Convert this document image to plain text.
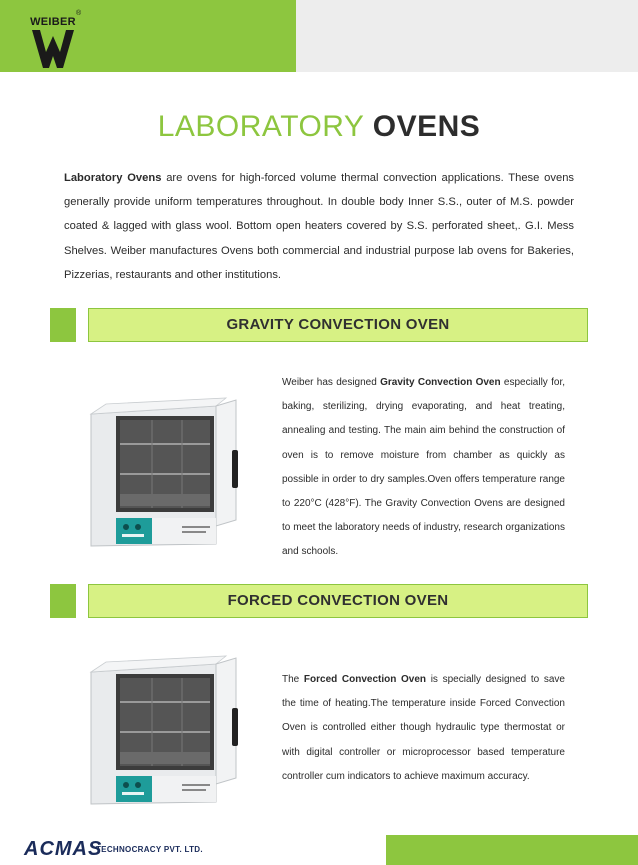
WEIBER
®
LABORATORY OVENS

Laboratory Ovens are ovens for high-forced volume thermal convection applications. These ovens generally provide uniform temperatures throughout. In double body Inner S.S., outer of M.S. powder coated & lagged with glass wool. Bottom open heaters covered by S.S. perforated sheet,. G.I. Mess Shelves. Weiber manufactures Ovens both commercial and industrial purpose lab ovens for Bakeries, Pizzerias, restaurants and other institutions.

GRAVITY CONVECTION OVEN

Weiber has designed Gravity Convection Oven especially for, baking, sterilizing, drying evaporating, and heat treating, annealing and testing. The main aim behind the construction of oven is to remove moisture from chamber as quickly as possible in order to dry samples.Oven offers temperature range to 220°C (428°F). The Gravity Convection Ovens are designed to meet the laboratory needs of industry, research organizations and schools.

FORCED CONVECTION OVEN

The Forced Convection Oven is specially designed to save the time of heating.The temperature inside Forced Convection Oven is controlled either though hydraulic type thermostat or with digital controller or microprocessor based temperature controller cum indicators to achieve maximum accuracy.

ACMAS
TECHNOCRACY PVT. LTD.
